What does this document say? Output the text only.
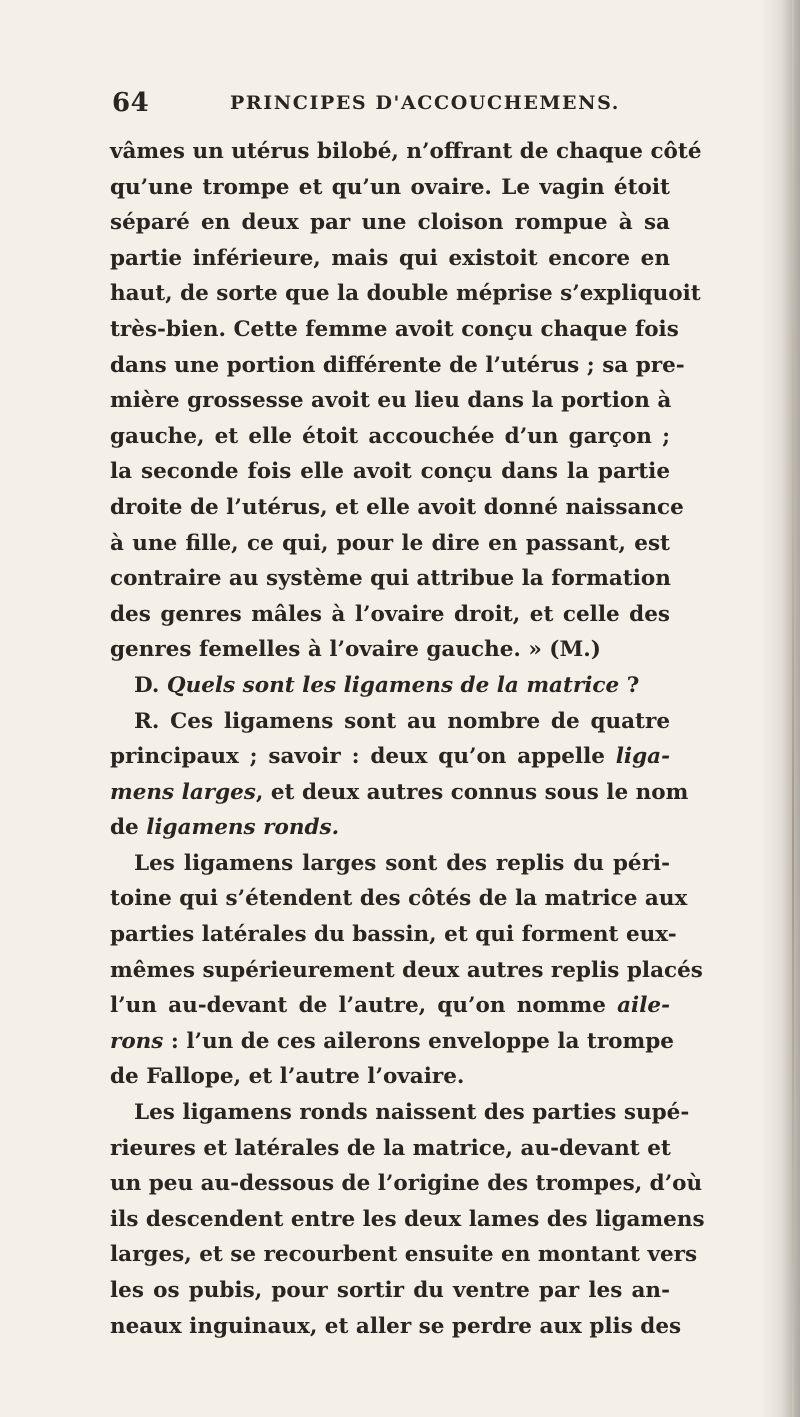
64	PRINCIPES D'ACCOUCHEMENS.
vâmes un utérus bilobé, n’offrant de chaque côté
qu’une trompe et qu’un ovaire. Le vagin étoit
séparé en deux par une cloison rompue à sa
partie inférieure, mais qui existoit encore en
haut, de sorte que la double méprise s’expliquoit
très-bien. Cette femme avoit conçu chaque fois
dans une portion différente de l’utérus ; sa pre-
mière grossesse avoit eu lieu dans la portion à
gauche, et elle étoit accouchée d’un garçon ;
la seconde fois elle avoit conçu dans la partie
droite de l’utérus, et elle avoit donné naissance
à une fille, ce qui, pour le dire en passant, est
contraire au système qui attribue la formation
des genres mâles à l’ovaire droit, et celle des
genres femelles à l’ovaire gauche. » (M.)
D. Quels sont les ligamens de la matrice ?
R. Ces ligamens sont au nombre de quatre
principaux ; savoir : deux qu’on appelle liga-
mens larges, et deux autres connus sous le nom
de ligamens ronds.
Les ligamens larges sont des replis du péri-
toine qui s’étendent des côtés de la matrice aux
parties latérales du bassin, et qui forment eux-
mêmes supérieurement deux autres replis placés
l’un au-devant de l’autre, qu’on nomme aile-
rons : l’un de ces ailerons enveloppe la trompe
de Fallope, et l’autre l’ovaire.
Les ligamens ronds naissent des parties supé-
rieures et latérales de la matrice, au-devant et
un peu au-dessous de l’origine des trompes, d’où
ils descendent entre les deux lames des ligamens
larges, et se recourbent ensuite en montant vers
les os pubis, pour sortir du ventre par les an-
neaux inguinaux, et aller se perdre aux plis des
